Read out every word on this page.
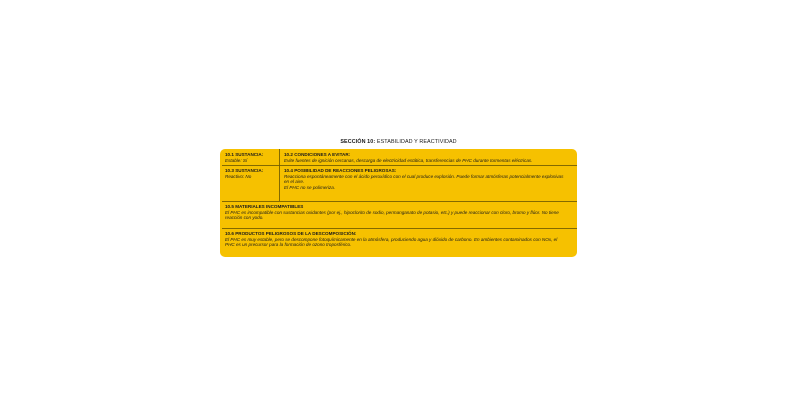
SECCIÓN 10: ESTABILIDAD Y REACTIVIDAD
10.1 SUSTANCIA:
Estable: Sí
10.2 CONDICIONES A EVITAR:
Evite fuentes de ignición cercanas, descarga de electricidad estática, transferencias de PHC durante tormentas eléctricas.
10.3 SUSTANCIA:
Reactivo: No
10.4 POSIBILIDAD DE REACCIONES PELIGROSAS:
Reacciona espontáneamente con el ácido peroxídico con el cual produce explosión. Puede formar atmósferas potencialmente explosivas en el aire.
El PHC no se polimeriza.
10.5 MATERIALES INCOMPATIBLES
El PHC es incompatible con sustancias oxidantes (por ej., hipoclorito de sodio, permanganato de potasio, etc.) y puede reaccionar con cloro, bromo y flúor. No tiene reacción con yodo.
10.6 PRODUCTOS PELIGROSOS DE LA DESCOMPOSICIÓN:
El PHC es muy estable, pero se descompone fotoquímicamente en la atmósfera, produciendo agua y dióxido de carbono. En ambientes contaminados con NOx, el PHC es un precursor para la formación de ozono troposférico.
